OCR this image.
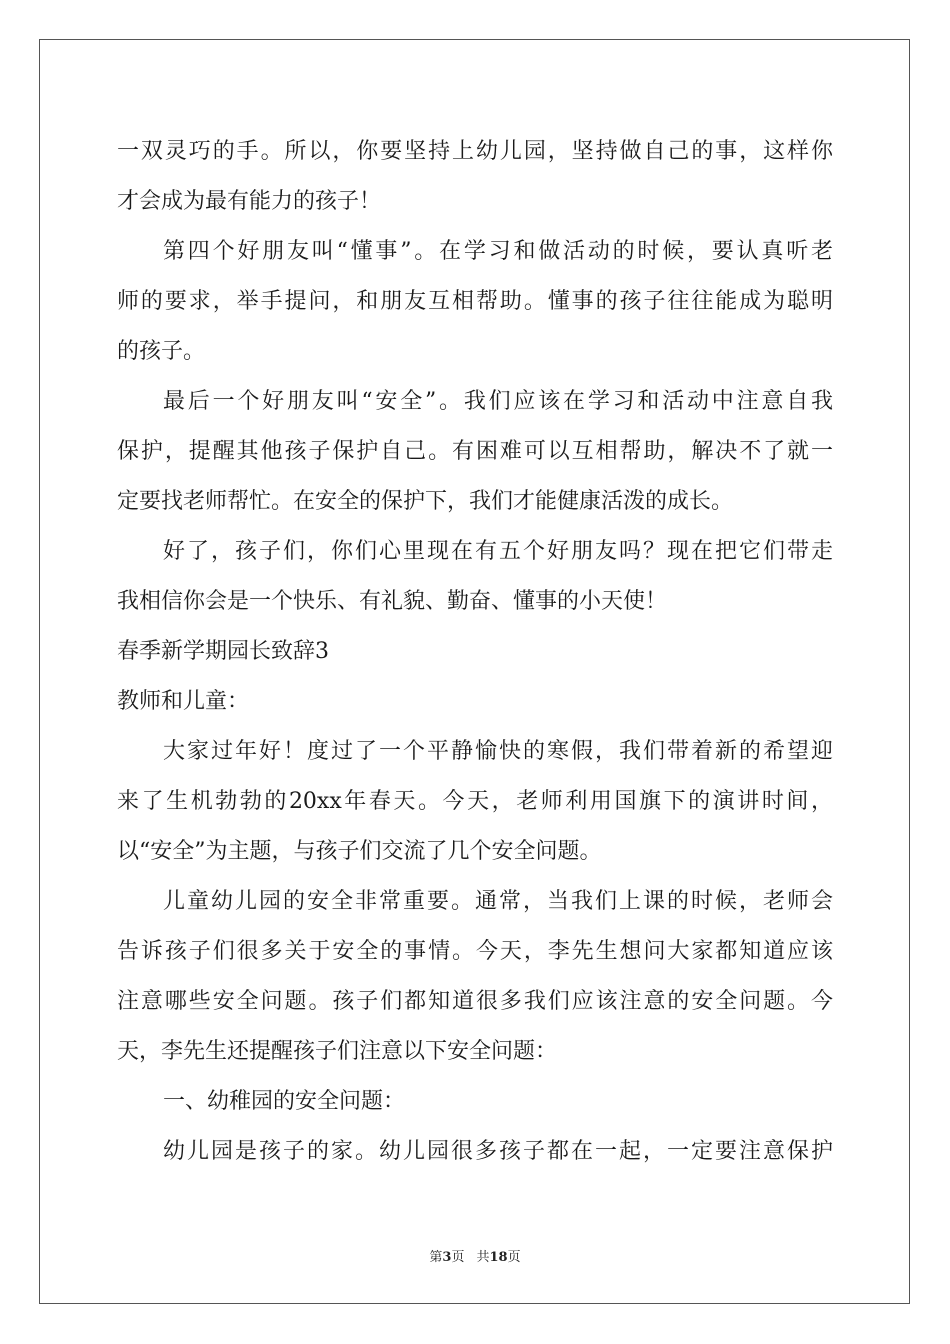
一双灵巧的手。所以，你要坚持上幼儿园，坚持做自己的事，这样你
才会成为最有能力的孩子！
第四个好朋友叫“懂事”。在学习和做活动的时候，要认真听老
师的要求，举手提问，和朋友互相帮助。懂事的孩子往往能成为聪明
的孩子。
最后一个好朋友叫“安全”。我们应该在学习和活动中注意自我
保护，提醒其他孩子保护自己。有困难可以互相帮助，解决不了就一
定要找老师帮忙。在安全的保护下，我们才能健康活泼的成长。
好了，孩子们，你们心里现在有五个好朋友吗？现在把它们带走
我相信你会是一个快乐、有礼貌、勤奋、懂事的小天使！
春季新学期园长致辞3
教师和儿童：
大家过年好！度过了一个平静愉快的寒假，我们带着新的希望迎
来了生机勃勃的20xx年春天。今天，老师利用国旗下的演讲时间，
以“安全”为主题，与孩子们交流了几个安全问题。
儿童幼儿园的安全非常重要。通常，当我们上课的时候，老师会
告诉孩子们很多关于安全的事情。今天，李先生想问大家都知道应该
注意哪些安全问题。孩子们都知道很多我们应该注意的安全问题。今
天，李先生还提醒孩子们注意以下安全问题：
一、幼稚园的安全问题：
幼儿园是孩子的家。幼儿园很多孩子都在一起，一定要注意保护
第3页 共18页
